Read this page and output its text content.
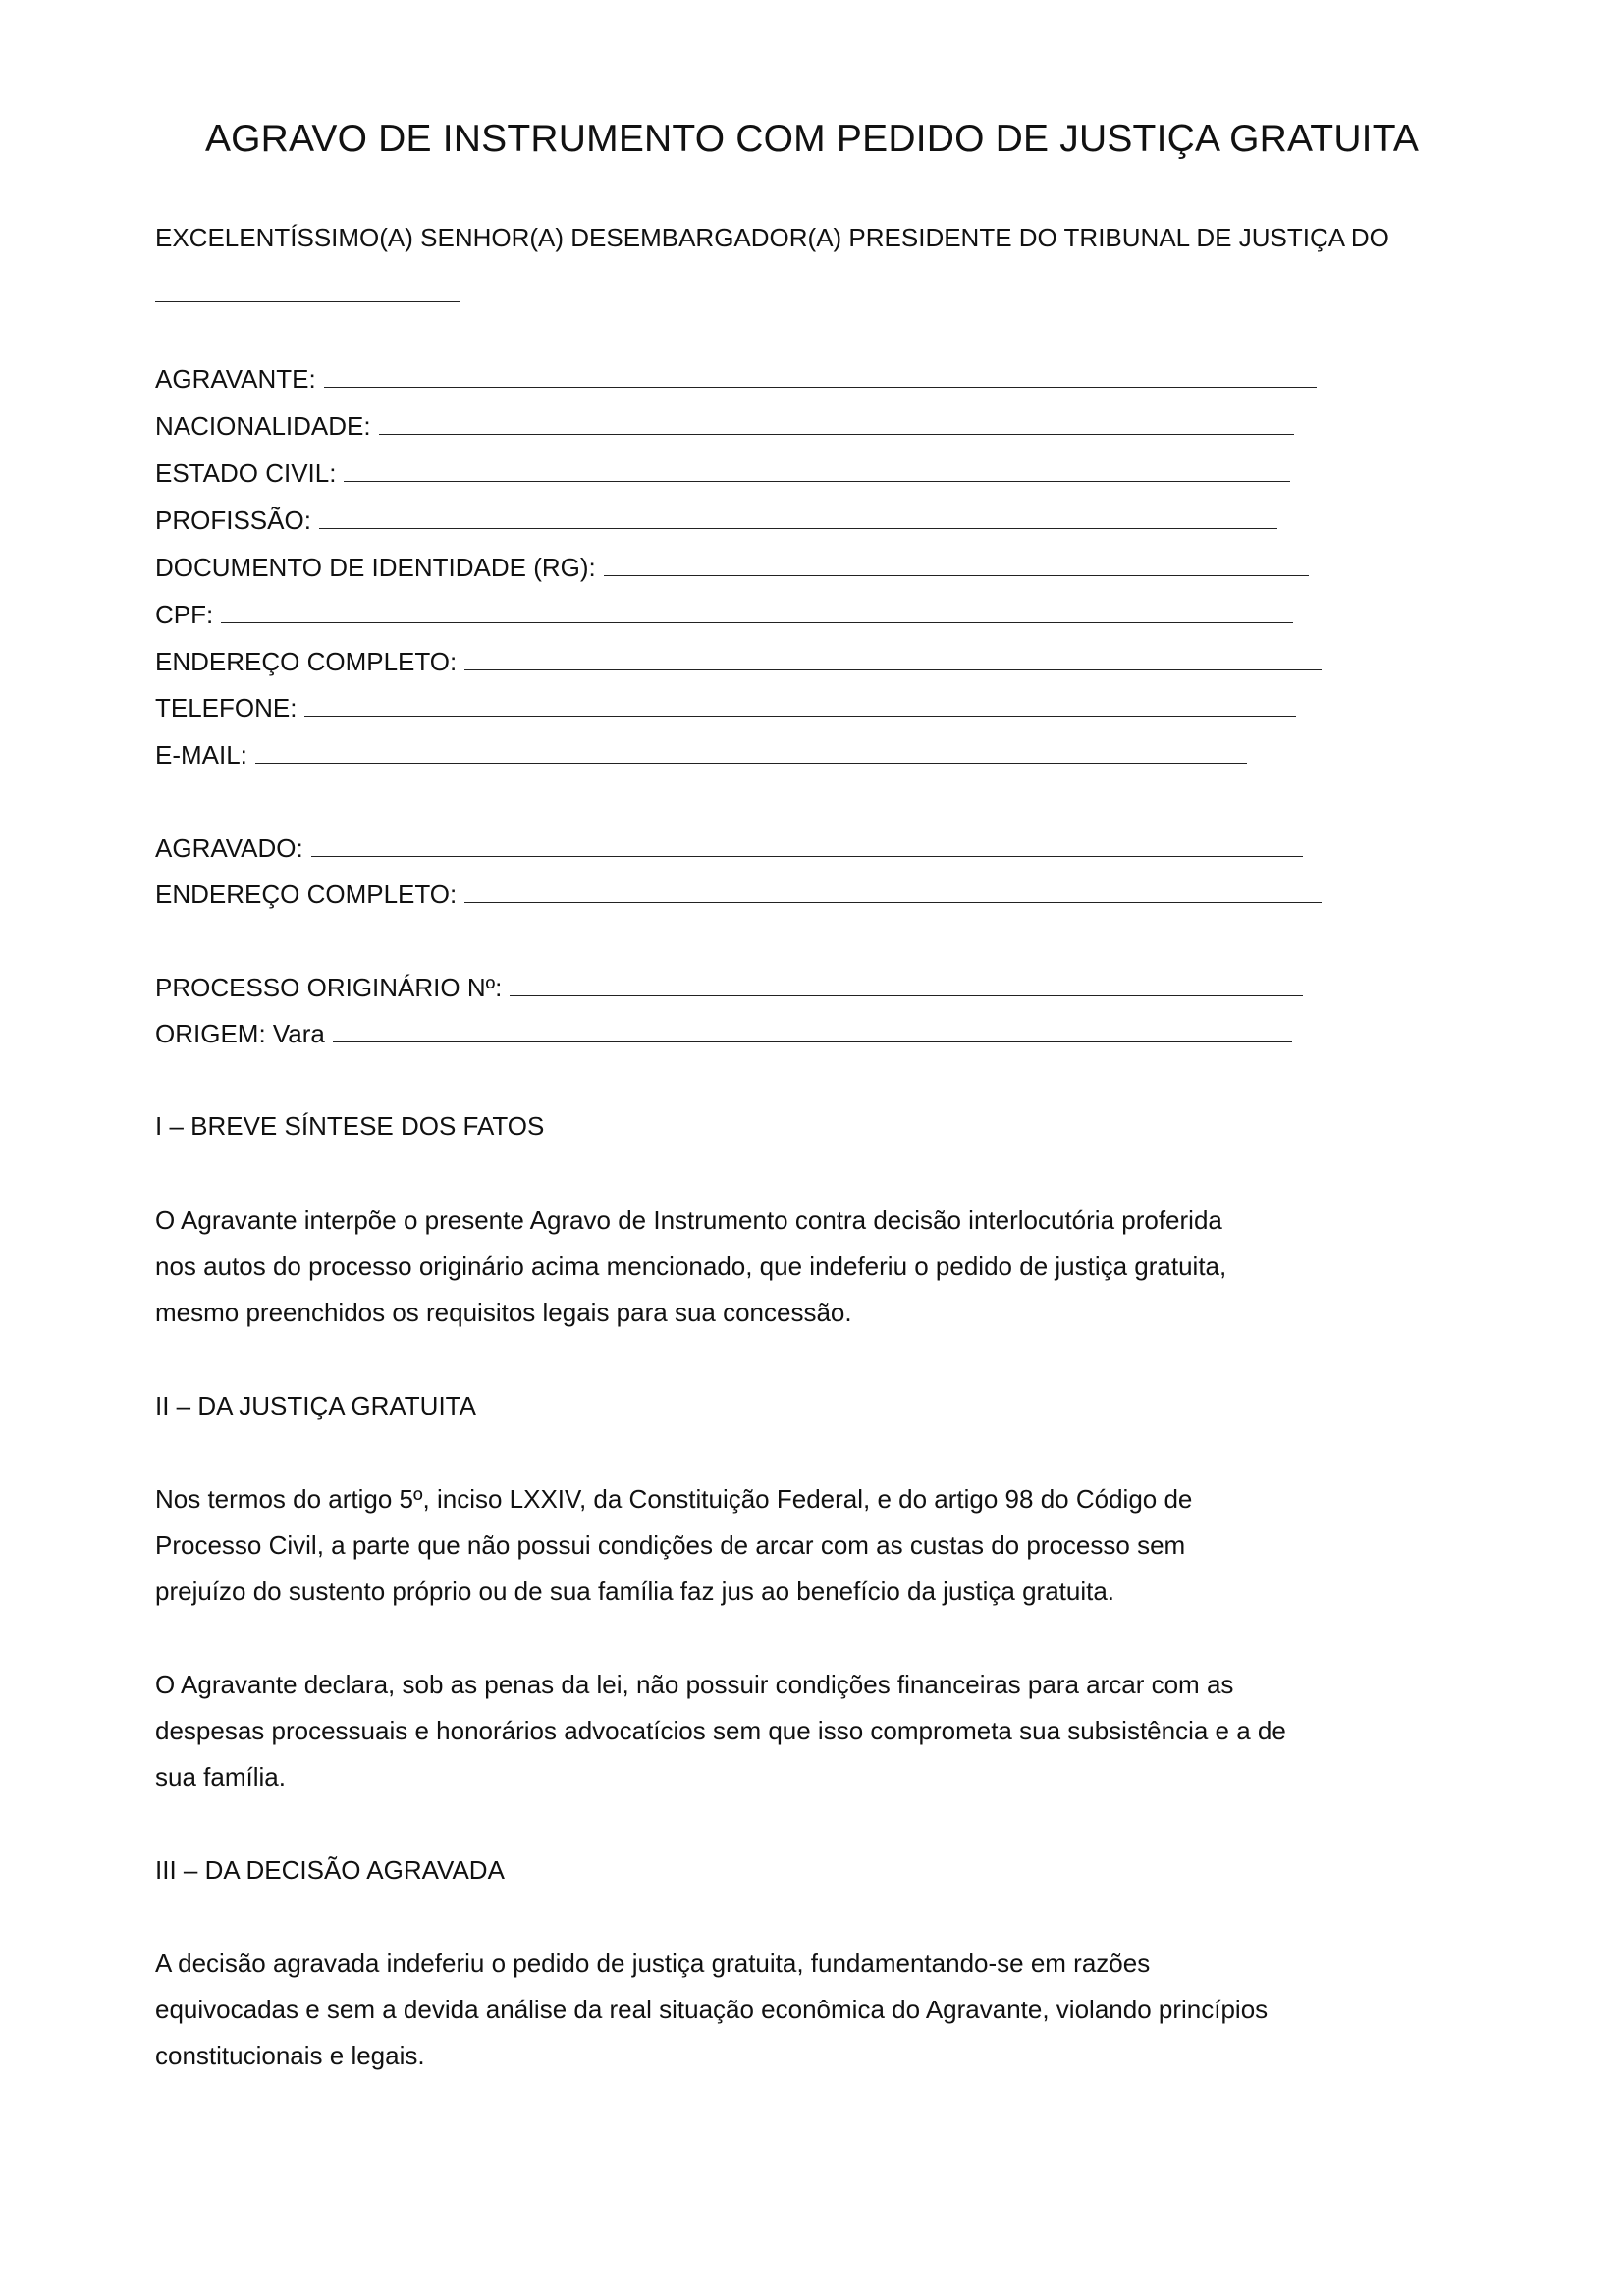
AGRAVO DE INSTRUMENTO COM PEDIDO DE JUSTIÇA GRATUITA
EXCELENTÍSSIMO(A) SENHOR(A) DESEMBARGADOR(A) PRESIDENTE DO TRIBUNAL DE JUSTIÇA DO
AGRAVANTE:
NACIONALIDADE:
ESTADO CIVIL:
PROFISSÃO:
DOCUMENTO DE IDENTIDADE (RG):
CPF:
ENDEREÇO COMPLETO:
TELEFONE:
E-MAIL:
AGRAVADO:
ENDEREÇO COMPLETO:
PROCESSO ORIGINÁRIO Nº:
ORIGEM: Vara
I – BREVE SÍNTESE DOS FATOS
O Agravante interpõe o presente Agravo de Instrumento contra decisão interlocutória proferida
nos autos do processo originário acima mencionado, que indeferiu o pedido de justiça gratuita,
mesmo preenchidos os requisitos legais para sua concessão.
II – DA JUSTIÇA GRATUITA
Nos termos do artigo 5º, inciso LXXIV, da Constituição Federal, e do artigo 98 do Código de
Processo Civil, a parte que não possui condições de arcar com as custas do processo sem
prejuízo do sustento próprio ou de sua família faz jus ao benefício da justiça gratuita.
O Agravante declara, sob as penas da lei, não possuir condições financeiras para arcar com as
despesas processuais e honorários advocatícios sem que isso comprometa sua subsistência e a de
sua família.
III – DA DECISÃO AGRAVADA
A decisão agravada indeferiu o pedido de justiça gratuita, fundamentando-se em razões
equivocadas e sem a devida análise da real situação econômica do Agravante, violando princípios
constitucionais e legais.
